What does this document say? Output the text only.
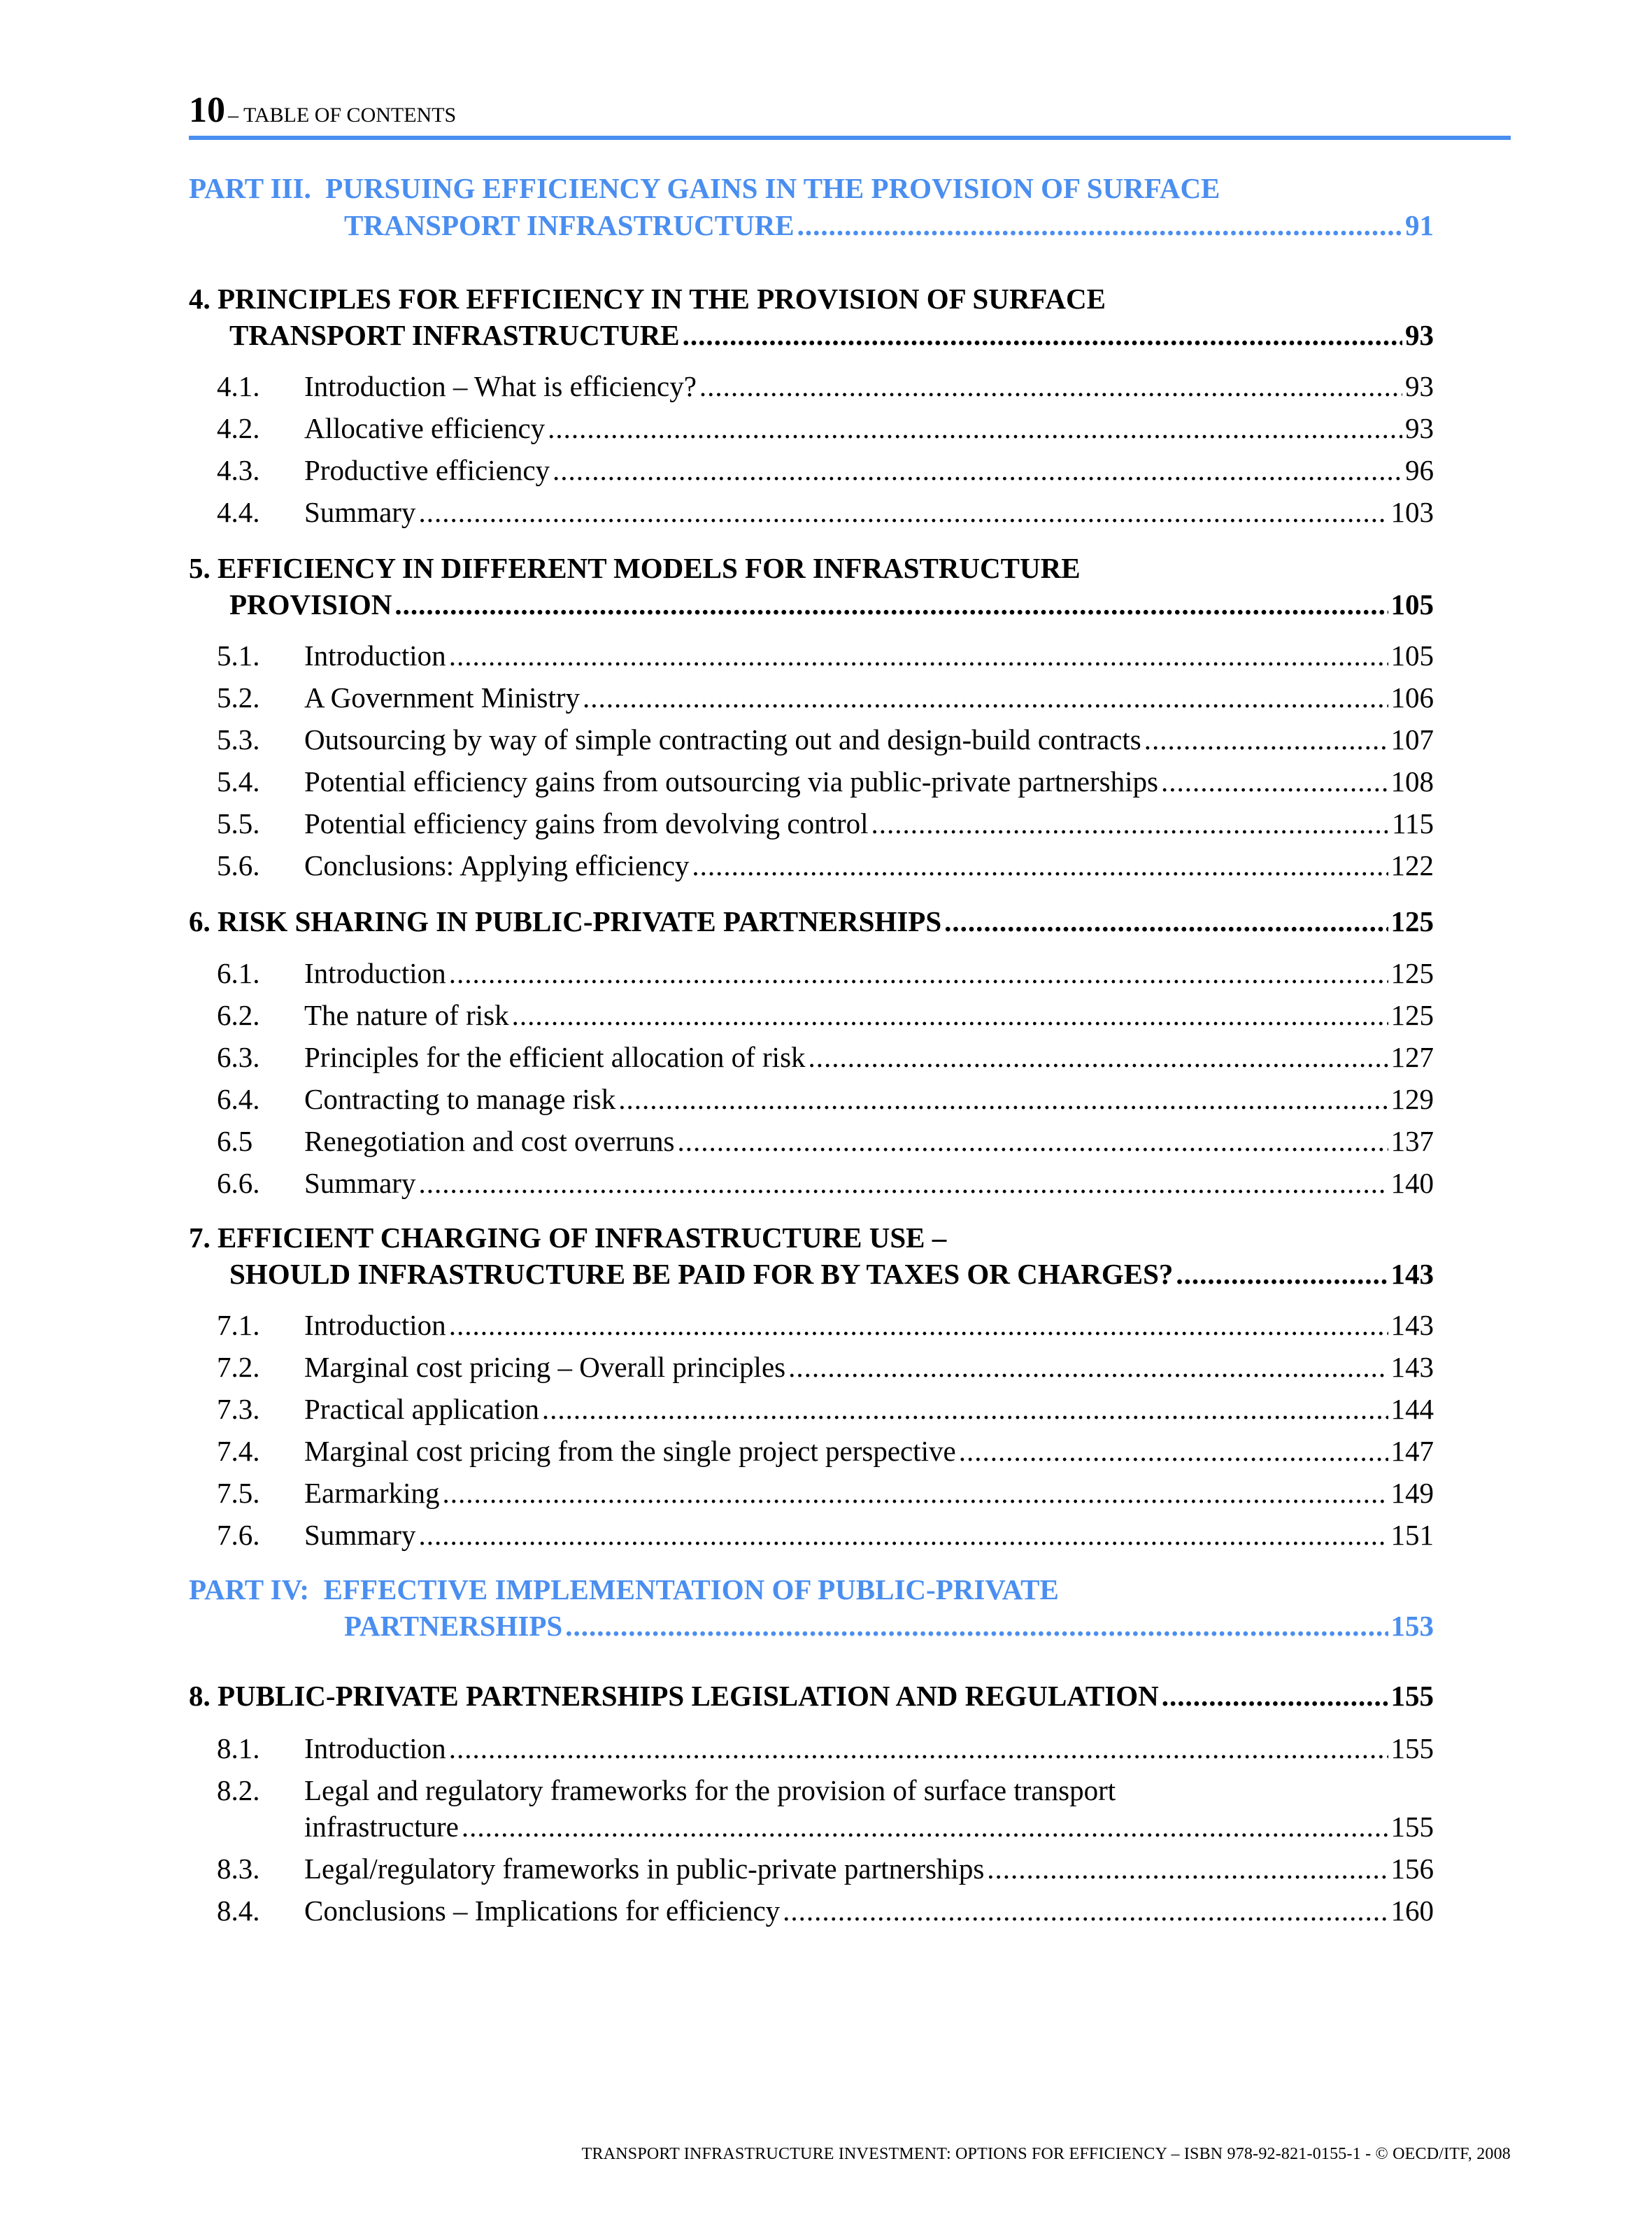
10 – TABLE OF CONTENTS
PART III. PURSUING EFFICIENCY GAINS IN THE PROVISION OF SURFACE
TRANSPORT INFRASTRUCTURE .....	91
4. PRINCIPLES FOR EFFICIENCY IN THE PROVISION OF SURFACE
TRANSPORT INFRASTRUCTURE .....	93
4.1. Introduction – What is efficiency? .....	93
4.2. Allocative efficiency .....	93
4.3. Productive efficiency .....	96
4.4. Summary .....	103
5. EFFICIENCY IN DIFFERENT MODELS FOR INFRASTRUCTURE
PROVISION .....	105
5.1. Introduction .....	105
5.2. A Government Ministry .....	106
5.3. Outsourcing by way of simple contracting out and design-build contracts .....	107
5.4. Potential efficiency gains from outsourcing via public-private partnerships .....	108
5.5. Potential efficiency gains from devolving control .....	115
5.6. Conclusions: Applying efficiency .....	122
6. RISK SHARING IN PUBLIC-PRIVATE PARTNERSHIPS .....	125
6.1. Introduction .....	125
6.2. The nature of risk .....	125
6.3. Principles for the efficient allocation of risk .....	127
6.4. Contracting to manage risk .....	129
6.5 Renegotiation and cost overruns .....	137
6.6. Summary .....	140
7. EFFICIENT CHARGING OF INFRASTRUCTURE USE –
SHOULD INFRASTRUCTURE BE PAID FOR BY TAXES OR CHARGES? .....	143
7.1. Introduction .....	143
7.2. Marginal cost pricing – Overall principles .....	143
7.3. Practical application .....	144
7.4. Marginal cost pricing from the single project perspective .....	147
7.5. Earmarking .....	149
7.6. Summary .....	151
PART IV: EFFECTIVE IMPLEMENTATION OF PUBLIC-PRIVATE
PARTNERSHIPS .....	153
8. PUBLIC-PRIVATE PARTNERSHIPS LEGISLATION AND REGULATION .....	155
8.1. Introduction .....	155
8.2. Legal and regulatory frameworks for the provision of surface transport
infrastructure .....	155
8.3. Legal/regulatory frameworks in public-private partnerships .....	156
8.4. Conclusions – Implications for efficiency .....	160
TRANSPORT INFRASTRUCTURE INVESTMENT: OPTIONS FOR EFFICIENCY – ISBN 978-92-821-0155-1 - © OECD/ITF, 2008
